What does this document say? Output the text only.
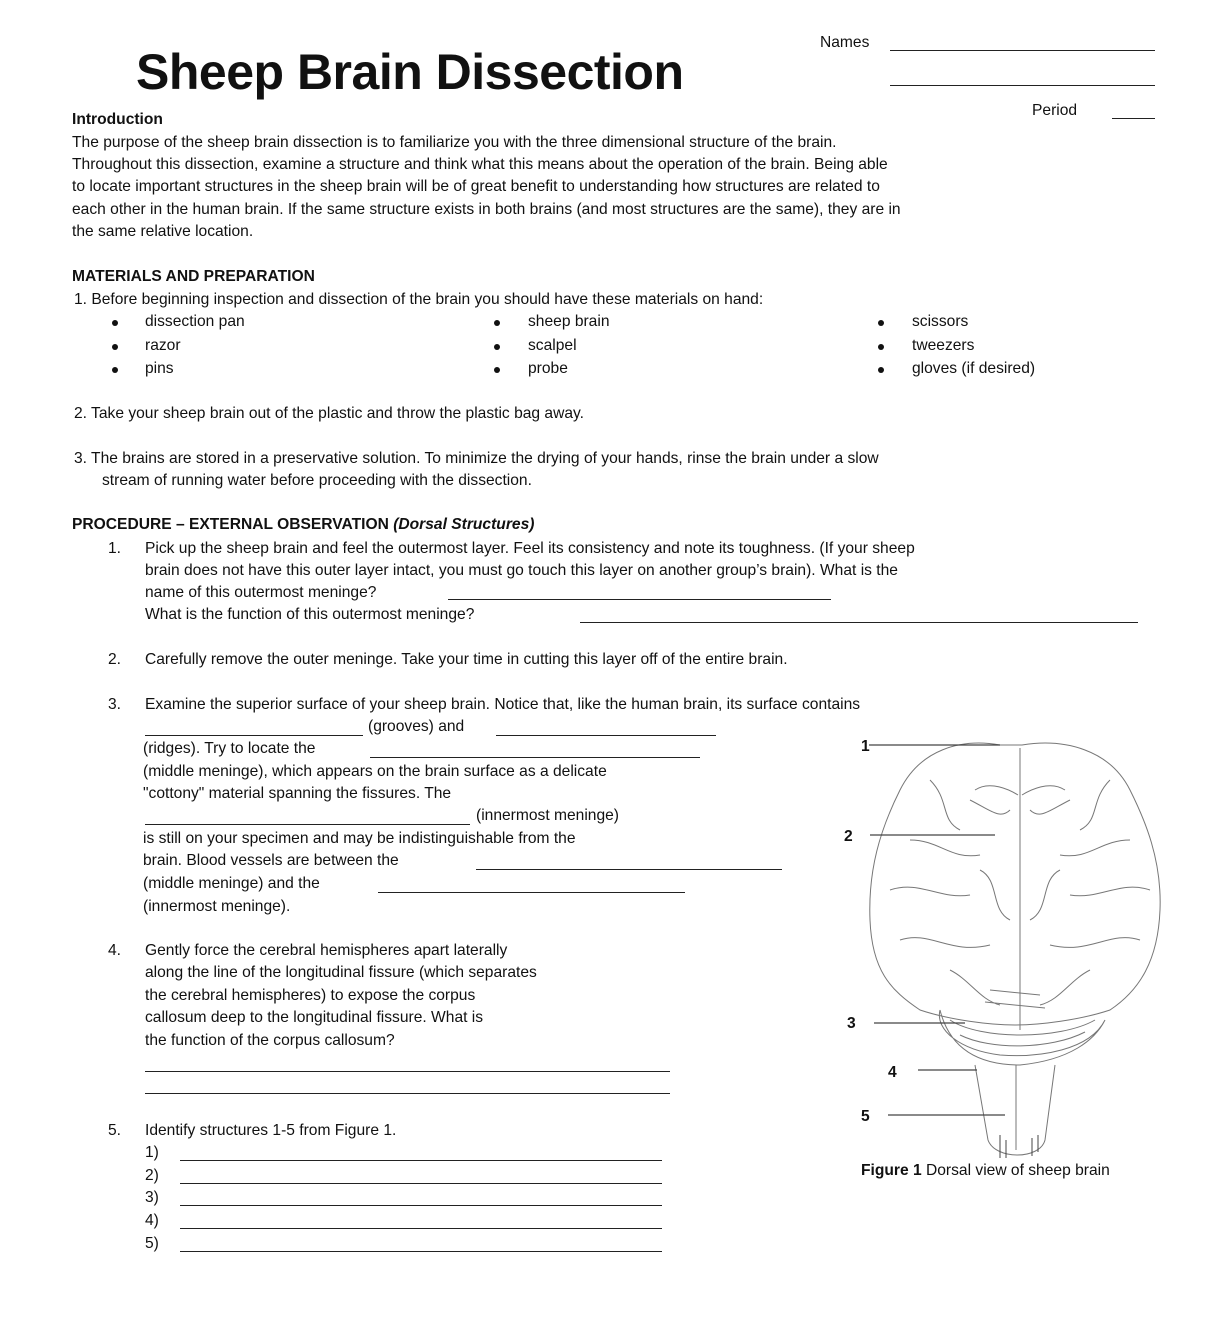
Sheep Brain Dissection
Names
Period
Introduction
The purpose of the sheep brain dissection is to familiarize you with the three dimensional structure of the brain.
Throughout this dissection, examine a structure and think what this means about the operation of the brain. Being able
to locate important structures in the sheep brain will be of great benefit to understanding how structures are related to
each other in the human brain. If the same structure exists in both brains (and most structures are the same), they are in
the same relative location.
MATERIALS AND PREPARATION
1. Before beginning inspection and dissection of the brain you should have these materials on hand:
dissection pan	sheep brain	scissors
razor	scalpel	tweezers
pins	probe	gloves (if desired)
2. Take your sheep brain out of the plastic and throw the plastic bag away.
3. The brains are stored in a preservative solution. To minimize the drying of your hands, rinse the brain under a slow
stream of running water before proceeding with the dissection.
PROCEDURE – EXTERNAL OBSERVATION (Dorsal Structures)
1. Pick up the sheep brain and feel the outermost layer. Feel its consistency and note its toughness. (If your sheep
brain does not have this outer layer intact, you must go touch this layer on another group’s brain). What is the
name of this outermost meninge?
What is the function of this outermost meninge?
2. Carefully remove the outer meninge. Take your time in cutting this layer off of the entire brain.
3. Examine the superior surface of your sheep brain. Notice that, like the human brain, its surface contains
(grooves) and
(ridges). Try to locate the
(middle meninge), which appears on the brain surface as a delicate
"cottony" material spanning the fissures. The
(innermost meninge)
is still on your specimen and may be indistinguishable from the
brain. Blood vessels are between the
(middle meninge) and the
(innermost meninge).
4. Gently force the cerebral hemispheres apart laterally
along the line of the longitudinal fissure (which separates
the cerebral hemispheres) to expose the corpus
callosum deep to the longitudinal fissure. What is
the function of the corpus callosum?
5. Identify structures 1-5 from Figure 1.
1)
2)
3)
4)
5)
1
2
3
4
5
Figure 1 Dorsal view of sheep brain
